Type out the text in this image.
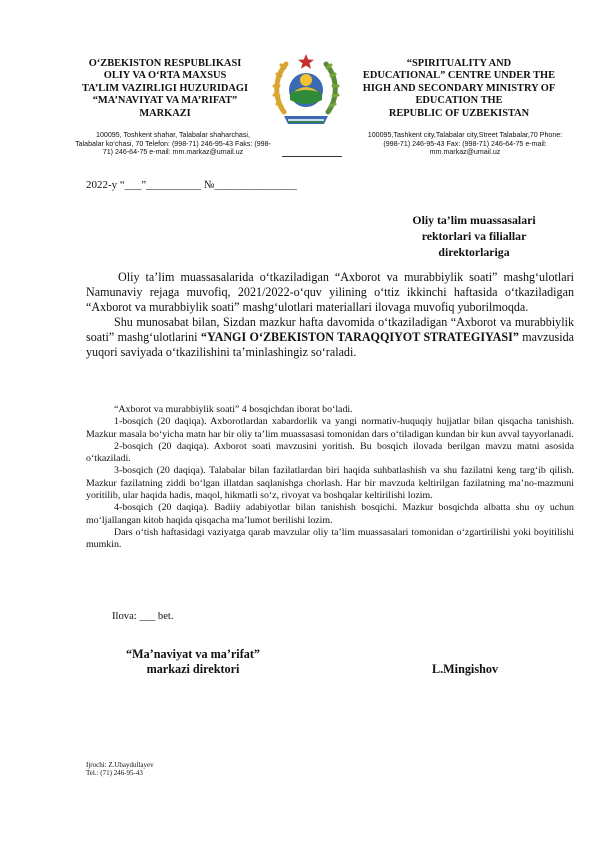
O‘ZBEKISTON RESPUBLIKASI
OLIY VA O‘RTA MAXSUS
TA’LIM VAZIRLIGI HUZURIDAGI
“MA’NAVIYAT VA MA’RIFAT”
MARKAZI
100095, Toshkent shahar, Talabalar shaharchasi,
Talabalar ko‘chasi, 70 Telefon: (998-71) 246-95-43 Faks: (998-
71) 246-64-75 e-mail: mm.markaz@umail.uz
“SPIRITUALITY AND
EDUCATIONAL” CENTRE UNDER THE
HIGH AND SECONDARY MINISTRY OF
EDUCATION THE
REPUBLIC OF UZBEKISTAN
100095,Tashkent city,Talabalar city,Street Talabalar,70 Phone:
(998-71) 246-95-43 Fax: (998-71) 246-64-75 e-mail:
mm.markaz@umail.uz
2022-y “___”__________ №_______________
Oliy ta’lim muassasalari
rektorlari va filiallar
direktorlariga

Oliy ta’lim muassasalarida o‘tkaziladigan “Axborot va murabbiylik soati” mashg‘ulotlari Namunaviy rejaga muvofiq, 2021/2022-o‘quv yilining o‘ttiz ikkinchi haftasida o‘tkaziladigan “Axborot va murabbiylik soati” mashg‘ulotlari materiallari ilovaga muvofiq yuborilmoqda.

Shu munosabat bilan, Sizdan mazkur hafta davomida o‘tkaziladigan “Axborot va murabbiylik soati” mashg‘ulotlarini “YANGI O‘ZBEKISTON TARAQQIYOT STRATEGIYASI” mavzusida yuqori saviyada o‘tkazilishini ta’minlashingiz so‘raladi.

“Axborot va murabbiylik soati” 4 bosqichdan iborat bo‘ladi.

1-bosqich (20 daqiqa). Axborotlardan xabardorlik va yangi normativ-huquqiy hujjatlar bilan qisqacha tanishish. Mazkur masala bo‘yicha matn har bir oliy ta’lim muassasasi tomonidan dars o‘tiladigan kundan bir kun avval tayyorlanadi.

2-bosqich (20 daqiqa). Axborot soati mavzusini yoritish. Bu bosqich ilovada berilgan mavzu matni asosida o‘tkaziladi.

3-bosqich (20 daqiqa). Talabalar bilan fazilatlardan biri haqida suhbatlashish va shu fazilatni keng targ‘ib qilish. Mazkur fazilatning ziddi bo‘lgan illatdan saqlanishga chorlash. Har bir mavzuda keltirilgan fazilatning ma’no-mazmuni yoritilib, ular haqida hadis, maqol, hikmatli so‘z, rivoyat va boshqalar keltirilishi lozim.

4-bosqich (20 daqiqa). Badiiy adabiyotlar bilan tanishish bosqichi. Mazkur bosqichda albatta shu oy uchun mo‘ljallangan kitob haqida qisqacha ma’lumot berilishi lozim.

Dars o‘tish haftasidagi vaziyatga qarab mavzular oliy ta’lim muassasalari tomonidan o‘zgartirilishi yoki boyitilishi mumkin.

Ilova: ___ bet.
“Ma’naviyat va ma’rifat”
markazi direktori	L.Mingishov
Ijrochi: Z.Ubaydullayev
Tel.: (71) 246-95-43
